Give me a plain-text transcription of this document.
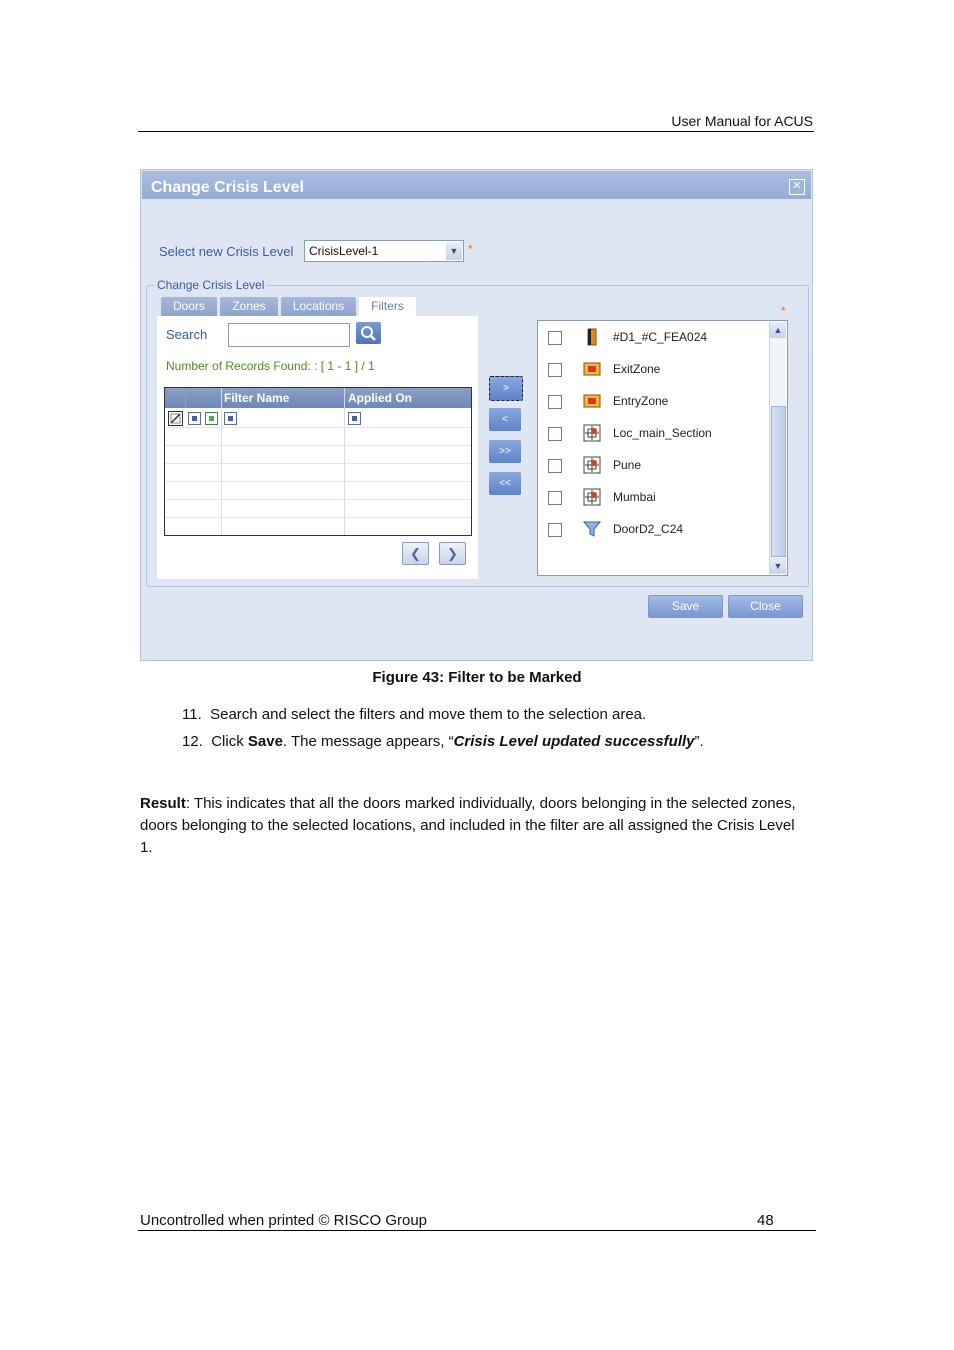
User Manual for ACUS
Change Crisis Level	✕
Select new Crisis Level CrisisLevel-1	▼ *
Change Crisis Level
*
Doors	Zones	Locations	Filters
Search
Number of Records Found: : [ 1 - 1 ] / 1
Filter Name	Applied On
❮	❯
>
<
>>
<<
#D1_#C_FEA024
ExitZone
EntryZone
Loc_main_Section
Pune
Mumbai
DoorD2_C24
▲
▼
Save	Close
Figure 43: Filter to be Marked
11. Search and select the filters and move them to the selection area.
12. Click Save. The message appears, “Crisis Level updated successfully”.
Result: This indicates that all the doors marked individually, doors belonging in the selected zones, doors belonging to the selected locations, and included in the filter are all assigned the Crisis Level 1.
Uncontrolled when printed © RISCO Group	48
